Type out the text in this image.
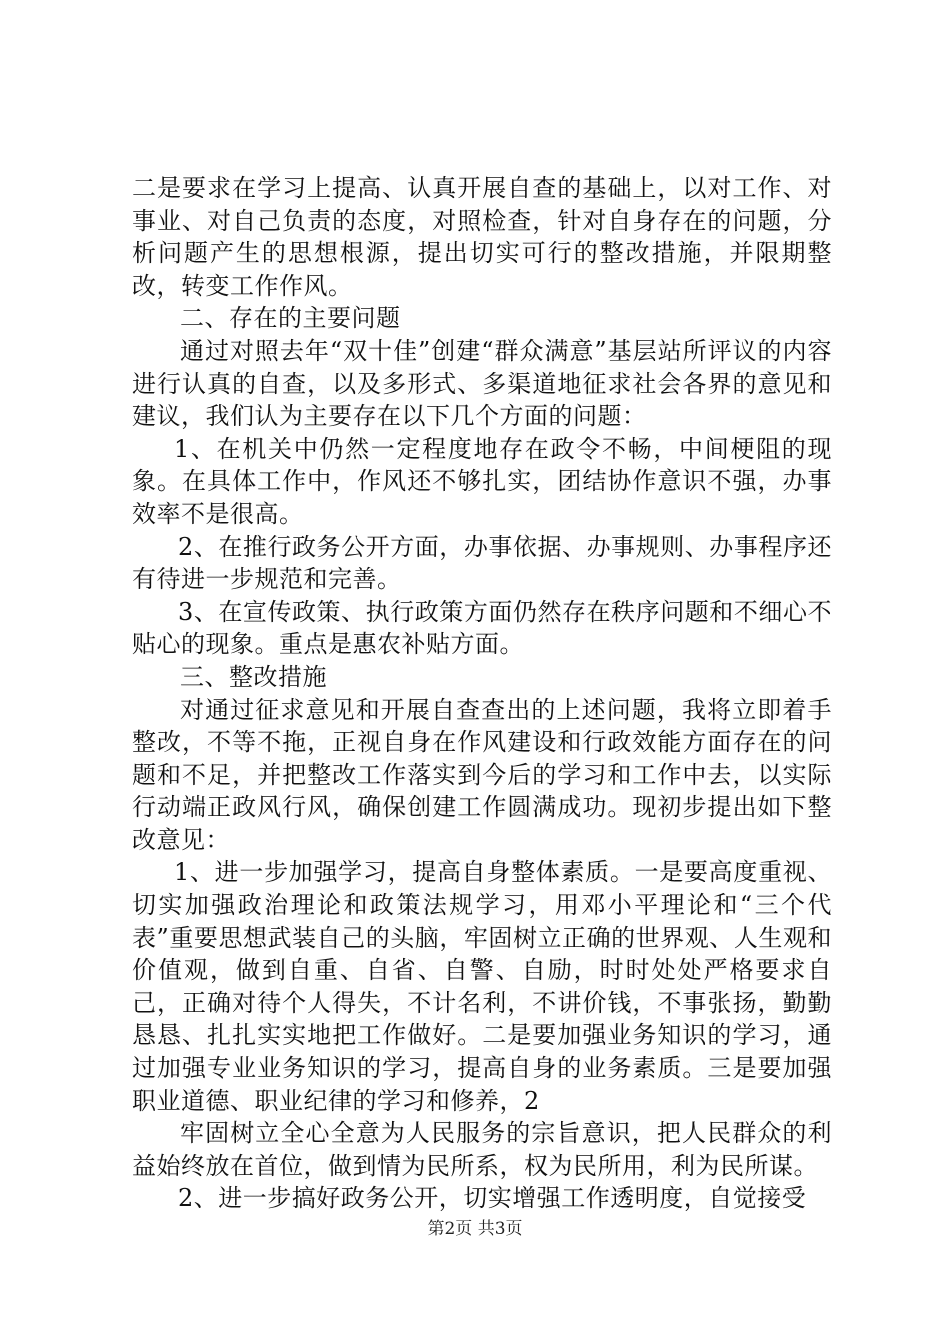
二是要求在学习上提高、认真开展自查的基础上，以对工作、对事业、对自己负责的态度，对照检查，针对自身存在的问题，分析问题产生的思想根源，提出切实可行的整改措施，并限期整改，转变工作作风。

二、存在的主要问题

通过对照去年“双十佳”创建“群众满意”基层站所评议的内容进行认真的自查，以及多形式、多渠道地征求社会各界的意见和建议，我们认为主要存在以下几个方面的问题：

1、在机关中仍然一定程度地存在政令不畅，中间梗阻的现象。在具体工作中，作风还不够扎实，团结协作意识不强，办事效率不是很高。

2、在推行政务公开方面，办事依据、办事规则、办事程序还有待进一步规范和完善。

3、在宣传政策、执行政策方面仍然存在秩序问题和不细心不贴心的现象。重点是惠农补贴方面。

三、整改措施

对通过征求意见和开展自查查出的上述问题，我将立即着手整改，不等不拖，正视自身在作风建设和行政效能方面存在的问题和不足，并把整改工作落实到今后的学习和工作中去，以实际行动端正政风行风，确保创建工作圆满成功。现初步提出如下整改意见：

1、进一步加强学习，提高自身整体素质。一是要高度重视、切实加强政治理论和政策法规学习，用邓小平理论和“三个代表”重要思想武装自己的头脑，牢固树立正确的世界观、人生观和价值观，做到自重、自省、自警、自励，时时处处严格要求自己，正确对待个人得失，不计名利，不讲价钱，不事张扬，勤勤恳恳、扎扎实实地把工作做好。二是要加强业务知识的学习，通过加强专业业务知识的学习，提高自身的业务素质。三是要加强职业道德、职业纪律的学习和修养，2

牢固树立全心全意为人民服务的宗旨意识，把人民群众的利益始终放在首位，做到情为民所系，权为民所用，利为民所谋。

2、进一步搞好政务公开，切实增强工作透明度，自觉接受

第2页 共3页
